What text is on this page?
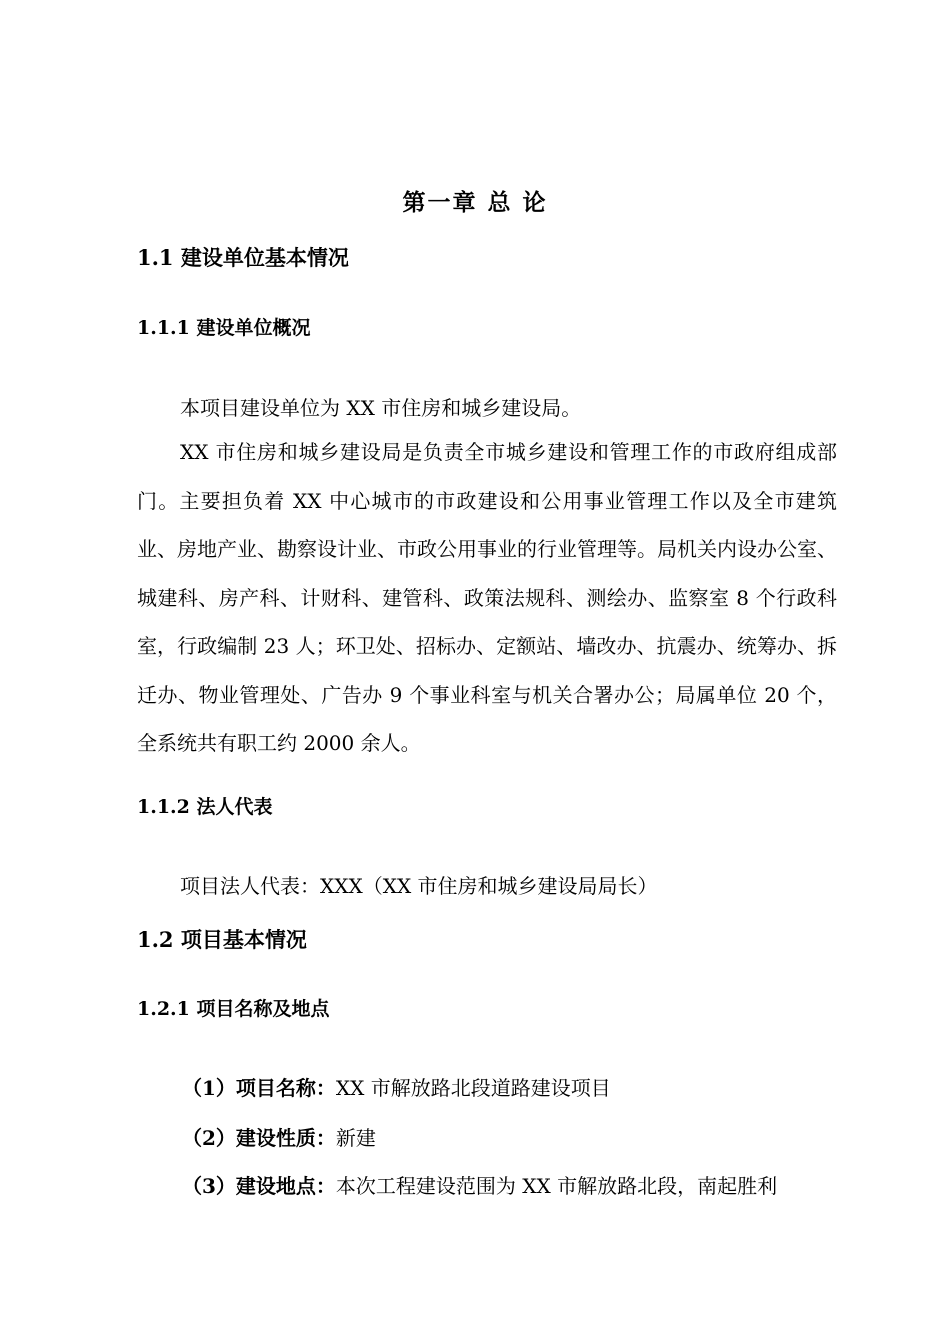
第一章 总 论
1.1 建设单位基本情况
1.1.1 建设单位概况

本项目建设单位为 XX 市住房和城乡建设局。

XX 市住房和城乡建设局是负责全市城乡建设和管理工作的市政府组成部门。主要担负着 XX 中心城市的市政建设和公用事业管理工作以及全市建筑业、房地产业、勘察设计业、市政公用事业的行业管理等。局机关内设办公室、城建科、房产科、计财科、建管科、政策法规科、测绘办、监察室 8 个行政科室，行政编制 23 人；环卫处、招标办、定额站、墙改办、抗震办、统筹办、拆迁办、物业管理处、广告办 9 个事业科室与机关合署办公；局属单位 20 个，全系统共有职工约 2000 余人。

1.1.2 法人代表

项目法人代表：XXX（XX 市住房和城乡建设局局长）

1.2 项目基本情况
1.2.1 项目名称及地点

（1）项目名称：XX 市解放路北段道路建设项目

（2）建设性质：新建

（3）建设地点：本次工程建设范围为 XX 市解放路北段，南起胜利
